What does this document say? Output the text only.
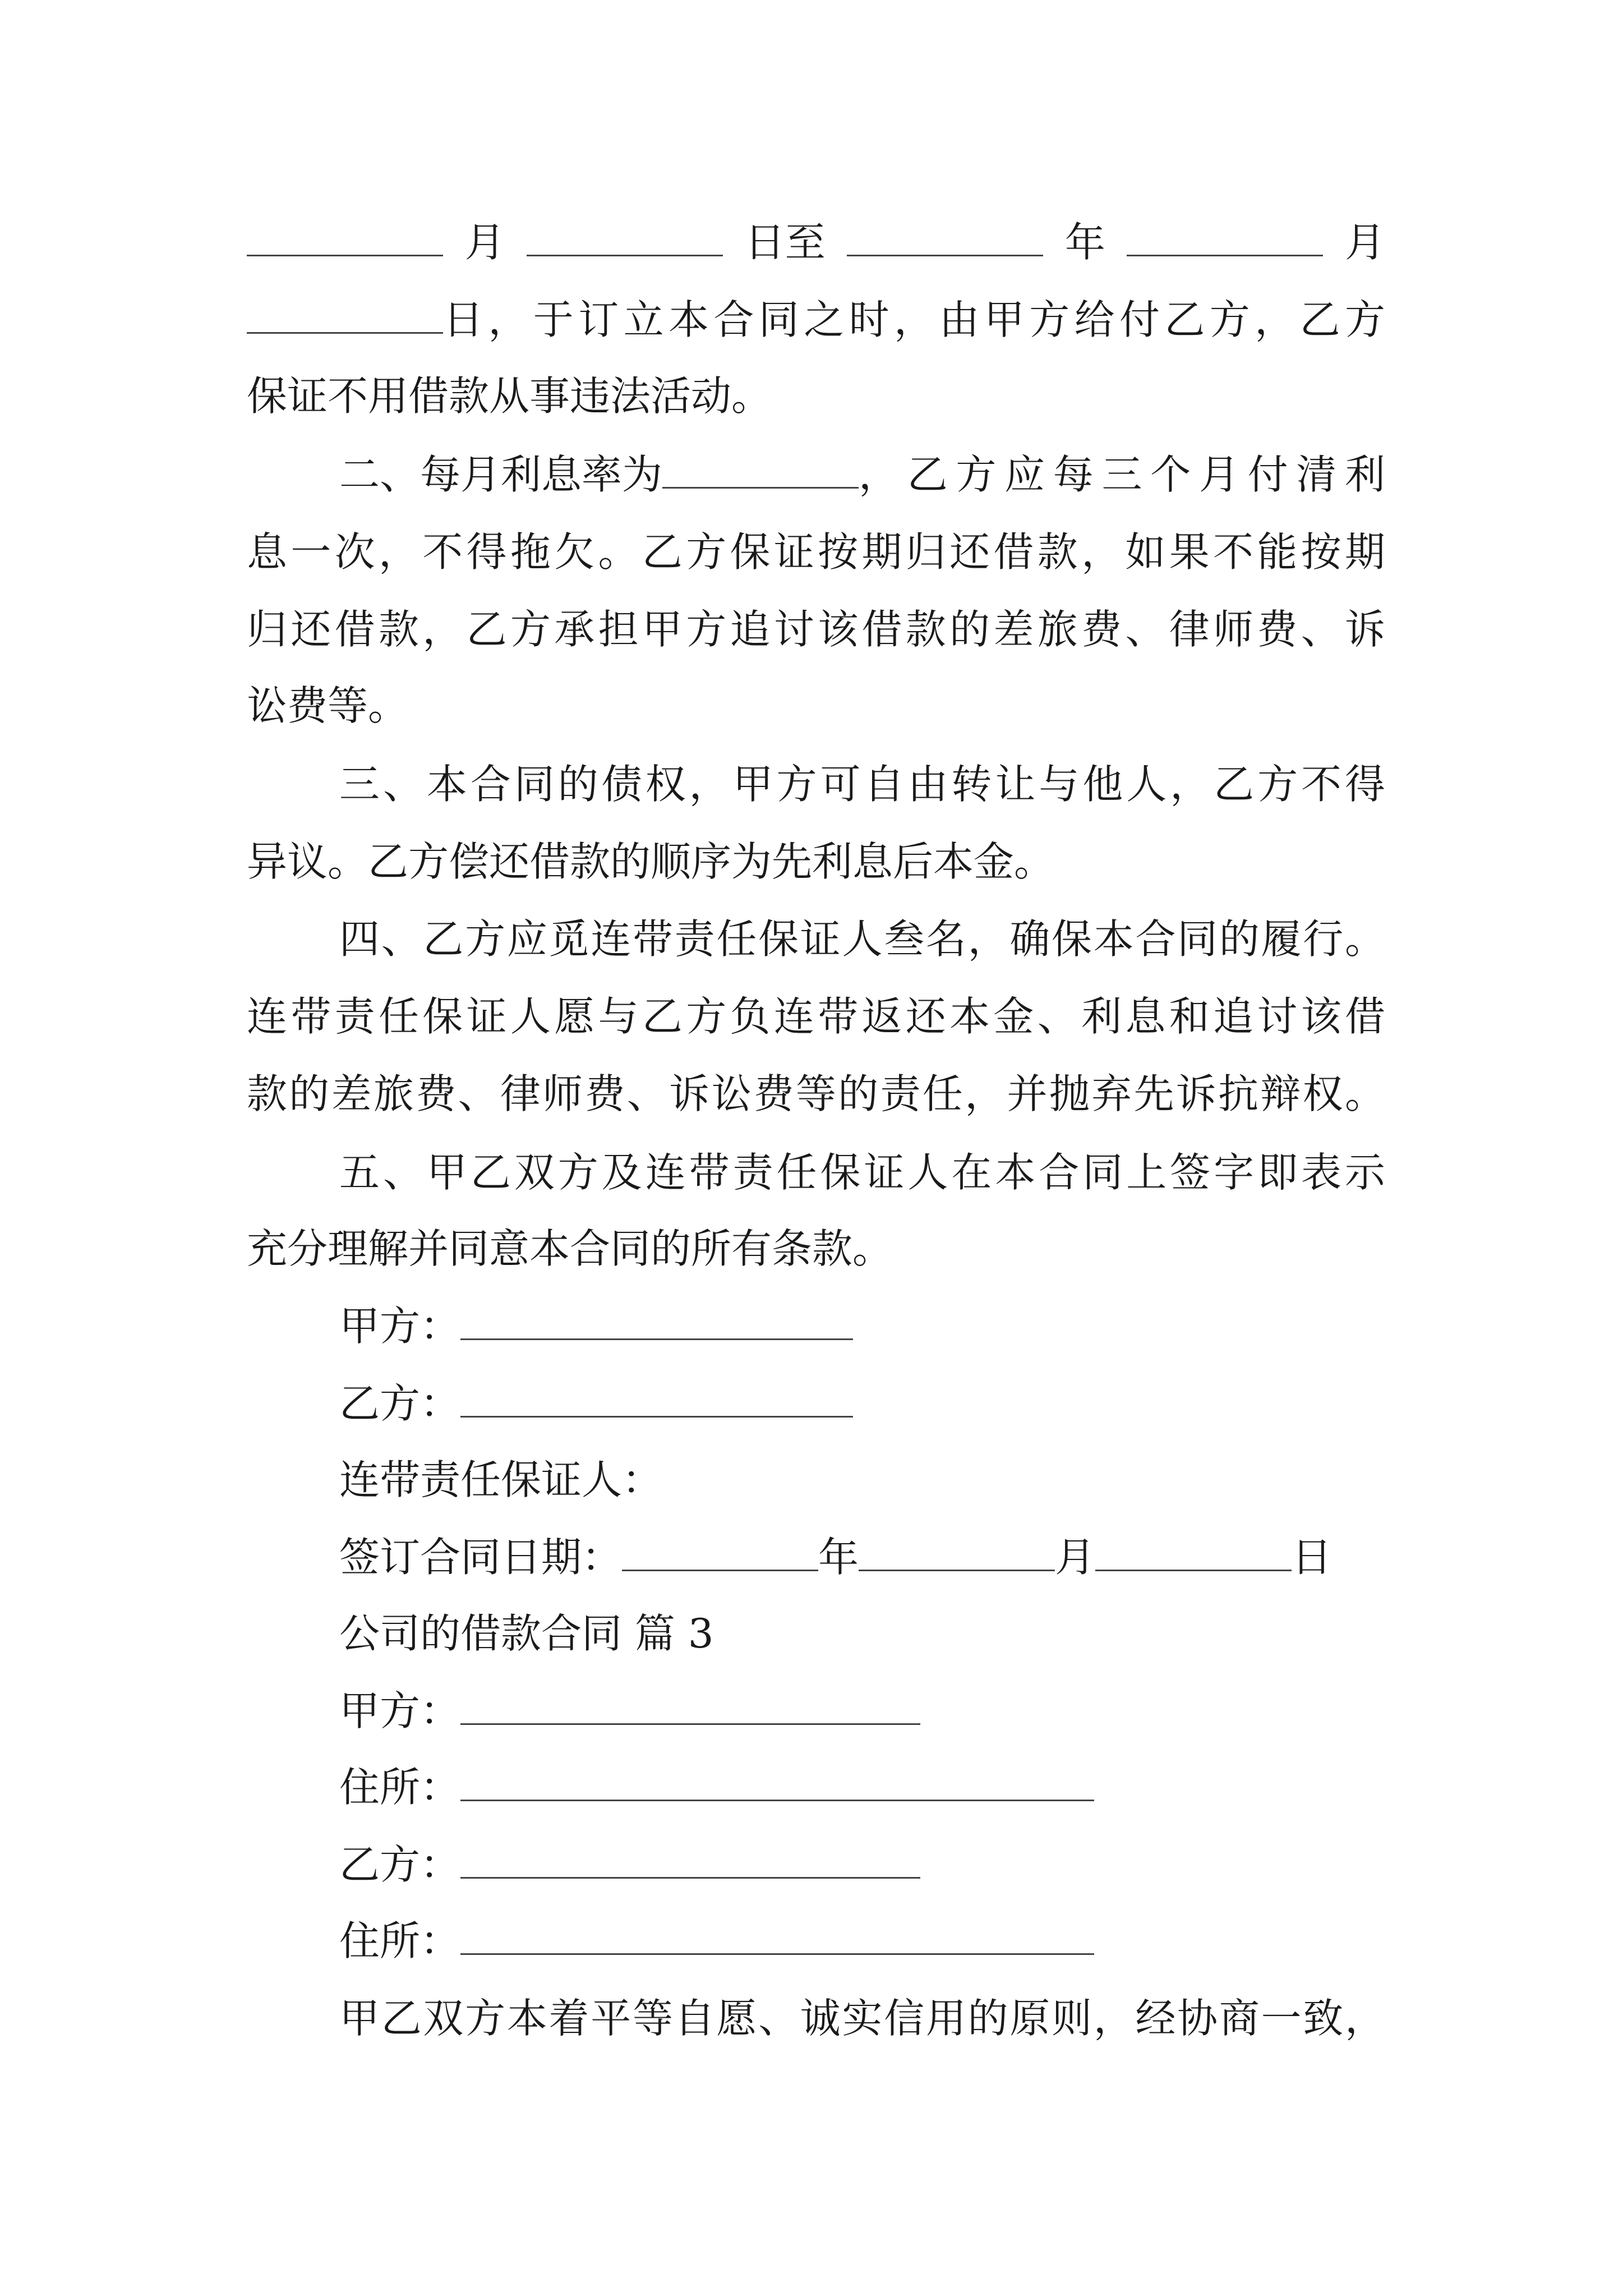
月	日至	年	月
日，于订立本合同之时，由甲方给付乙方，乙方
保证不用借款从事违法活动。
二、每月利息率为	，乙方应每三个月付清利
息一次，不得拖欠。乙方保证按期归还借款，如果不能按期
归还借款，乙方承担甲方追讨该借款的差旅费、律师费、诉
讼费等。
三、本合同的债权，甲方可自由转让与他人，乙方不得
异议。乙方偿还借款的顺序为先利息后本金。
四、乙方应觅连带责任保证人叁名，确保本合同的履行。
连带责任保证人愿与乙方负连带返还本金、利息和追讨该借
款的差旅费、律师费、诉讼费等的责任，并抛弃先诉抗辩权。
五、甲乙双方及连带责任保证人在本合同上签字即表示
充分理解并同意本合同的所有条款。
甲方：
乙方：
连带责任保证人：
签订合同日期：	年	月	日
公司的借款合同 篇 3
甲方：
住所：
乙方：
住所：
甲乙双方本着平等自愿、诚实信用的原则，经协商一致，
